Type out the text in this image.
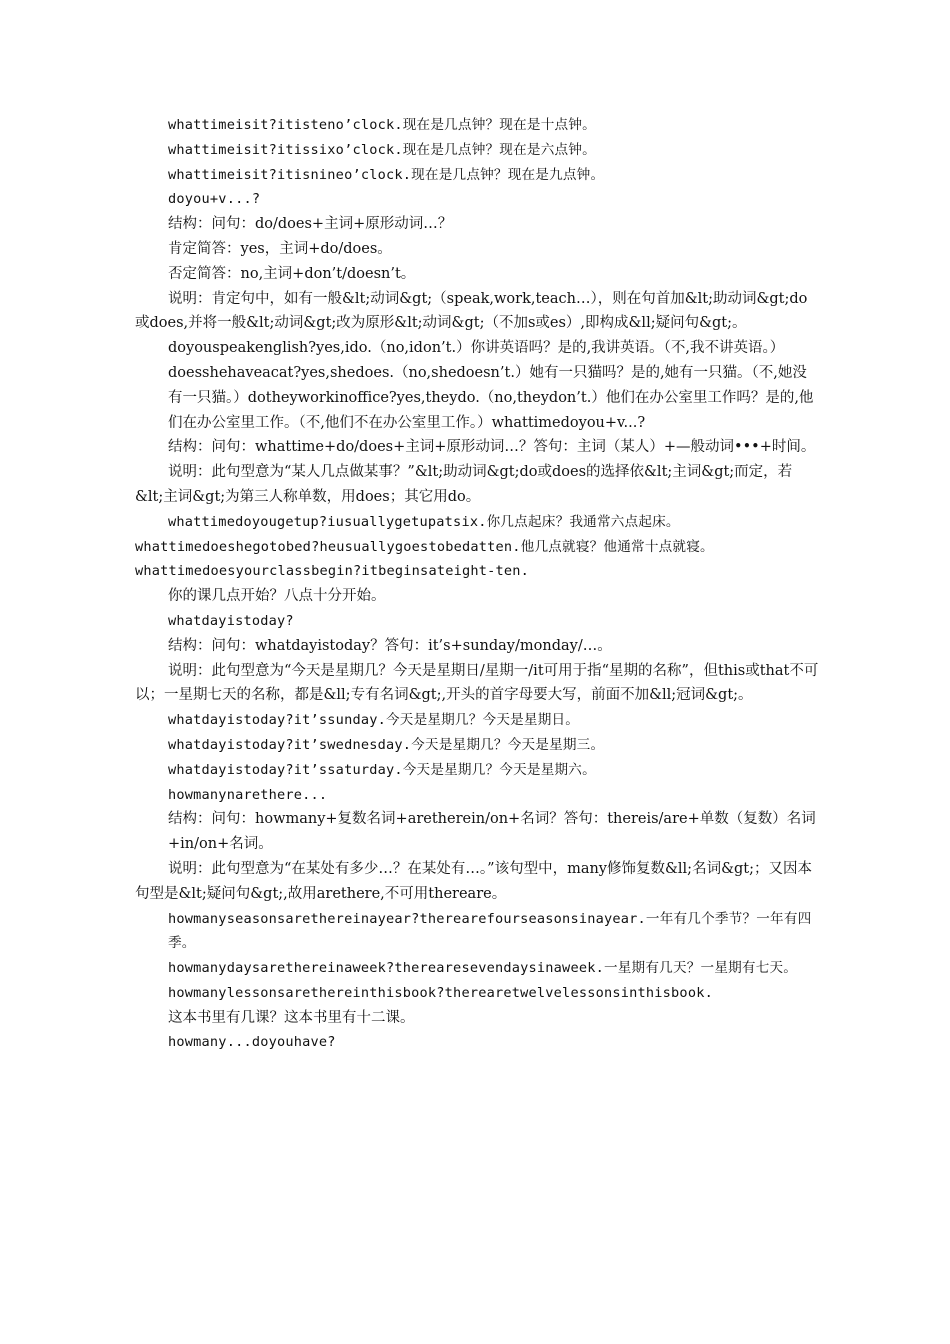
whattimeisit?itisteno’clock.现在是几点钟？现在是十点钟。

whattimeisit?itissixo’clock.现在是几点钟？现在是六点钟。

whattimeisit?itisnineo’clock.现在是几点钟？现在是九点钟。

doyou+v...?

结构：问句：do/does+主词+原形动词…？

肯定简答：yes，主词+do/does。

否定简答：no,主词+don’t/doesn’t。

说明：肯定句中，如有一般&lt;动词&gt;（speak,work,teach…），则在句首加&lt;助动词&gt;do或does,并将一般&lt;动词&gt;改为原形&lt;动词&gt;（不加s或es）,即构成&ll;疑问句&gt;。

doyouspeakenglish?yes,ido.（no,idon’t.）你讲英语吗？是的,我讲英语。（不,我不讲英语。）

doesshehaveacat?yes,shedoes.（no,shedoesn’t.）她有一只猫吗？是的,她有一只猫。（不,她没有一只猫。）dotheyworkinoffice?yes,theydo.（no,theydon’t.）他们在办公室里工作吗？是的,他们在办公室里工作。（不,他们不在办公室里工作。）whattimedoyou+v...?

结构：问句：whattime+do/does+主词+原形动词…？答句：主词（某人）+—般动词•••+时间。

说明：此句型意为“某人几点做某事？”&lt;助动词&gt;do或does的选择依&lt;主词&gt;而定，若&lt;主词&gt;为第三人称单数，用does；其它用do。

whattimedoyougetup?iusuallygetupatsix.你几点起床？我通常六点起床。

whattimedoeshegotobed?heusuallygoestobedatten.他几点就寝？他通常十点就寝。

whattimedoesyourclassbegin?itbeginsateight-ten.

你的课几点开始？八点十分开始。

whatdayistoday?

结构：问句：whatdayistoday？答句：it’s+sunday/monday/…。

说明：此句型意为“今天是星期几？今天是星期日/星期一/it可用于指“星期的名称”，但this或that不可以；一星期七天的名称，都是&ll;专有名词&gt;,开头的首字母要大写，前面不加&ll;冠词&gt;。

whatdayistoday?it’ssunday.今天是星期几？今天是星期日。

whatdayistoday?it’swednesday.今天是星期几？今天是星期三。

whatdayistoday?it’ssaturday.今天是星期几？今天是星期六。

howmanynarethere...

结构：问句：howmany+复数名词+aretherein/on+名词？答句：thereis/are+单数（复数）名词+in/on+名词。

说明：此句型意为“在某处有多少…？在某处有…。”该句型中，many修饰复数&ll;名词&gt;；又因本句型是&lt;疑问句&gt;,故用arethere,不可用thereare。

howmanyseasonsarethereinayear?therearefourseasonsinayear.一年有几个季节？一年有四季。

howmanydaysarethereinaweek?therearesevendaysinaweek.一星期有几天？一星期有七天。

howmanylessonsarethereinthisbook?therearetwelvelessonsinthisbook.

这本书里有几课？这本书里有十二课。

howmany...doyouhave?
